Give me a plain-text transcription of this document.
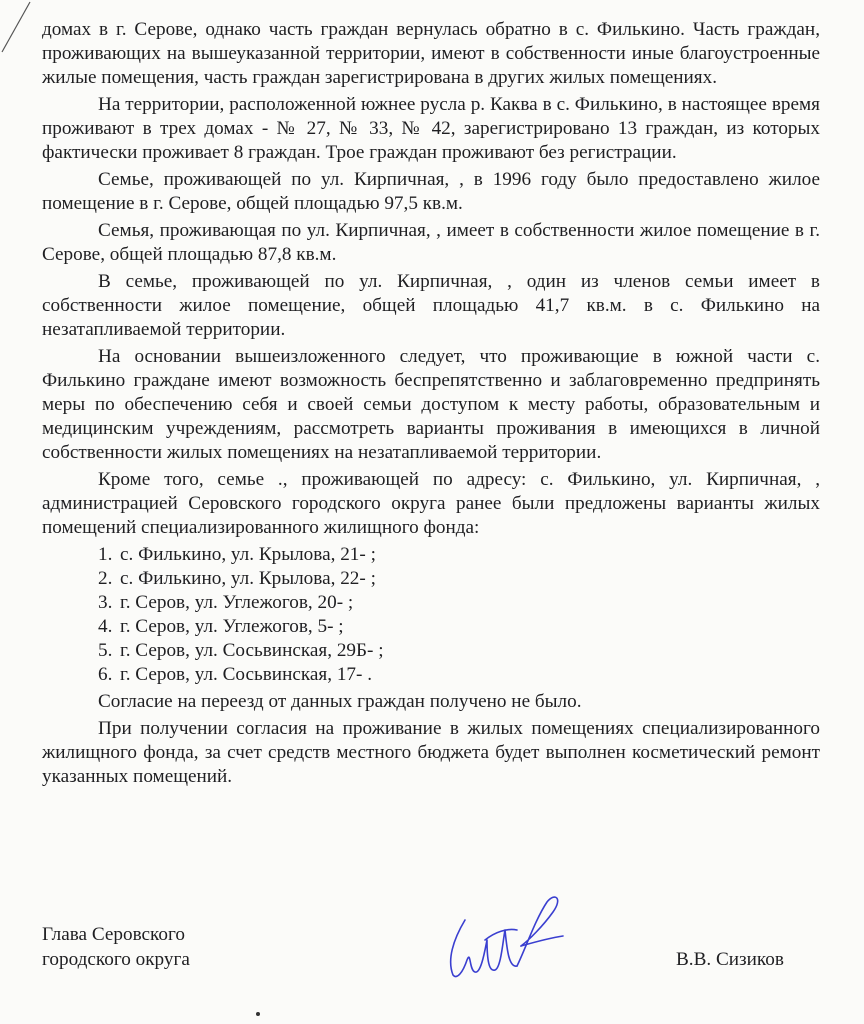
домах в г. Серове, однако часть граждан вернулась обратно в с. Филькино. Часть граждан, проживающих на вышеуказанной территории, имеют в собственности иные благоустроенные жилые помещения, часть граждан зарегистрирована в других жилых помещениях.

На территории, расположенной южнее русла р. Каква в с. Филькино, в настоящее время проживают в трех домах - № 27, № 33, № 42, зарегистрировано 13 граждан, из которых фактически проживает 8 граждан. Трое граждан проживают без регистрации.

Семье, проживающей по ул. Кирпичная, , в 1996 году было предоставлено жилое помещение в г. Серове, общей площадью 97,5 кв.м.

Семья, проживающая по ул. Кирпичная, , имеет в собственности жилое помещение в г. Серове, общей площадью 87,8 кв.м.

В семье, проживающей по ул. Кирпичная, , один из членов семьи имеет в собственности жилое помещение, общей площадью 41,7 кв.м. в с. Филькино на незатапливаемой территории.

На основании вышеизложенного следует, что проживающие в южной части с. Филькино граждане имеют возможность беспрепятственно и заблаговременно предпринять меры по обеспечению себя и своей семьи доступом к месту работы, образовательным и медицинским учреждениям, рассмотреть варианты проживания в имеющихся в личной собственности жилых помещениях на незатапливаемой территории.

Кроме того, семье ., проживающей по адресу: с. Филькино, ул. Кирпичная, , администрацией Серовского городского округа ранее были предложены варианты жилых помещений специализированного жилищного фонда:

1. с. Филькино, ул. Крылова, 21- ;
2. с. Филькино, ул. Крылова, 22- ;
3. г. Серов, ул. Углежогов, 20- ;
4. г. Серов, ул. Углежогов, 5- ;
5. г. Серов, ул. Сосьвинская, 29Б- ;
6. г. Серов, ул. Сосьвинская, 17- .

Согласие на переезд от данных граждан получено не было.

При получении согласия на проживание в жилых помещениях специализированного жилищного фонда, за счет средств местного бюджета будет выполнен косметический ремонт указанных помещений.

Глава Серовского
городского округа	В.В. Сизиков
